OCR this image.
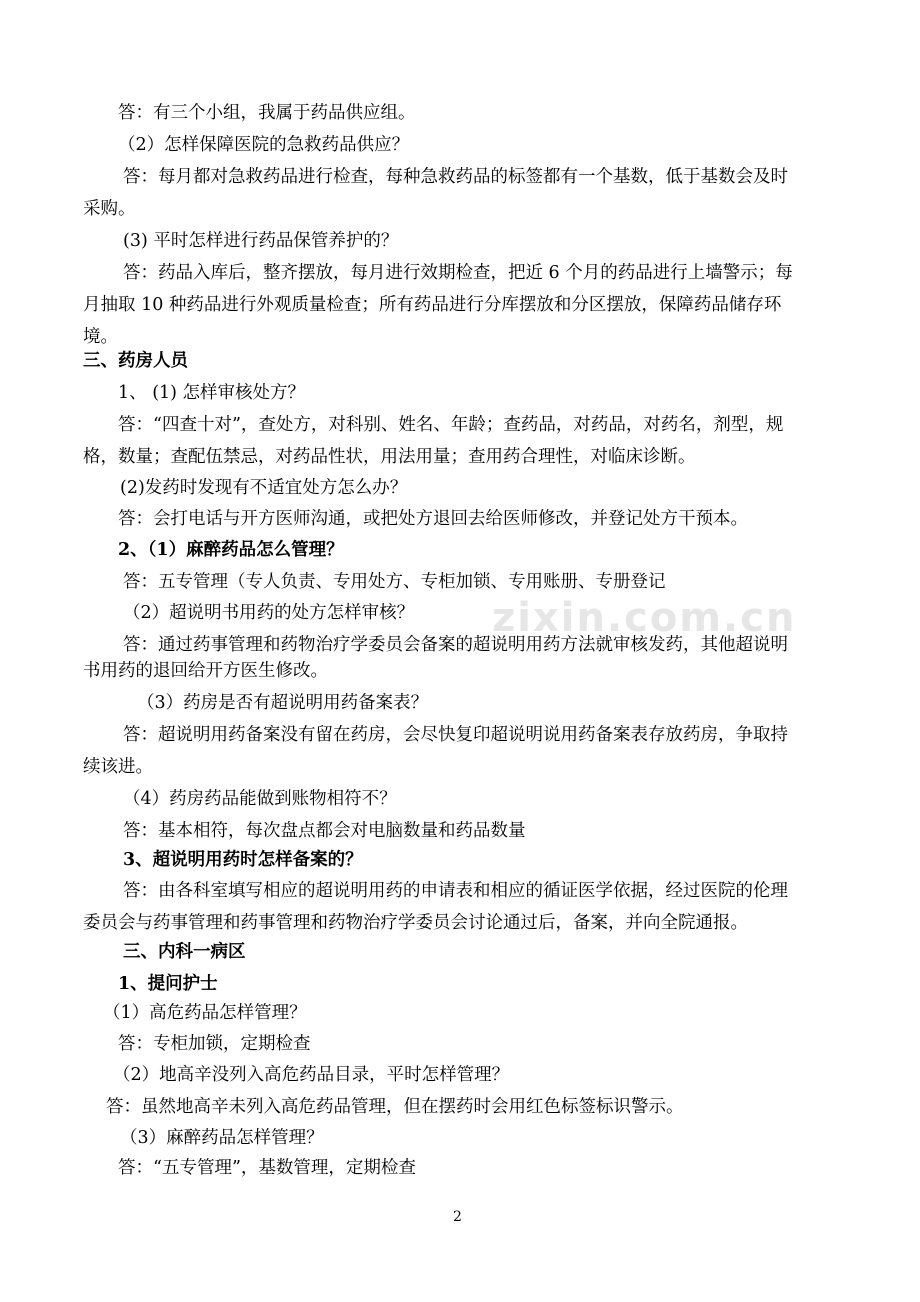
答：有三个小组，我属于药品供应组。
（2）怎样保障医院的急救药品供应？
答：每月都对急救药品进行检查，每种急救药品的标签都有一个基数，低于基数会及时
采购。
(3) 平时怎样进行药品保管养护的？
答：药品入库后，整齐摆放，每月进行效期检查，把近 6 个月的药品进行上墙警示；每
月抽取 10 种药品进行外观质量检查；所有药品进行分库摆放和分区摆放，保障药品储存环
境。
三、药房人员
1、 (1) 怎样审核处方？
答：“四查十对”，查处方，对科别、姓名、年龄；查药品，对药品，对药名，剂型，规
格，数量；查配伍禁忌，对药品性状，用法用量；查用药合理性，对临床诊断。
(2)发药时发现有不适宜处方怎么办？
答：会打电话与开方医师沟通，或把处方退回去给医师修改，并登记处方干预本。
2、（1）麻醉药品怎么管理？
答：五专管理（专人负责、专用处方、专柜加锁、专用账册、专册登记
（2）超说明书用药的处方怎样审核？
答：通过药事管理和药物治疗学委员会备案的超说明用药方法就审核发药，其他超说明
书用药的退回给开方医生修改。
（3）药房是否有超说明用药备案表？
答：超说明用药备案没有留在药房，会尽快复印超说明说用药备案表存放药房，争取持
续该进。
（4）药房药品能做到账物相符不？
答：基本相符，每次盘点都会对电脑数量和药品数量
3、超说明用药时怎样备案的？
答：由各科室填写相应的超说明用药的申请表和相应的循证医学依据，经过医院的伦理
委员会与药事管理和药事管理和药物治疗学委员会讨论通过后，备案，并向全院通报。
三、内科一病区
1、提问护士
（1）高危药品怎样管理？
答：专柜加锁，定期检查
（2）地高辛没列入高危药品目录，平时怎样管理？
答：虽然地高辛未列入高危药品管理，但在摆药时会用红色标签标识警示。
（3）麻醉药品怎样管理？
答：“五专管理”，基数管理，定期检查
zixin.com.cn
2
